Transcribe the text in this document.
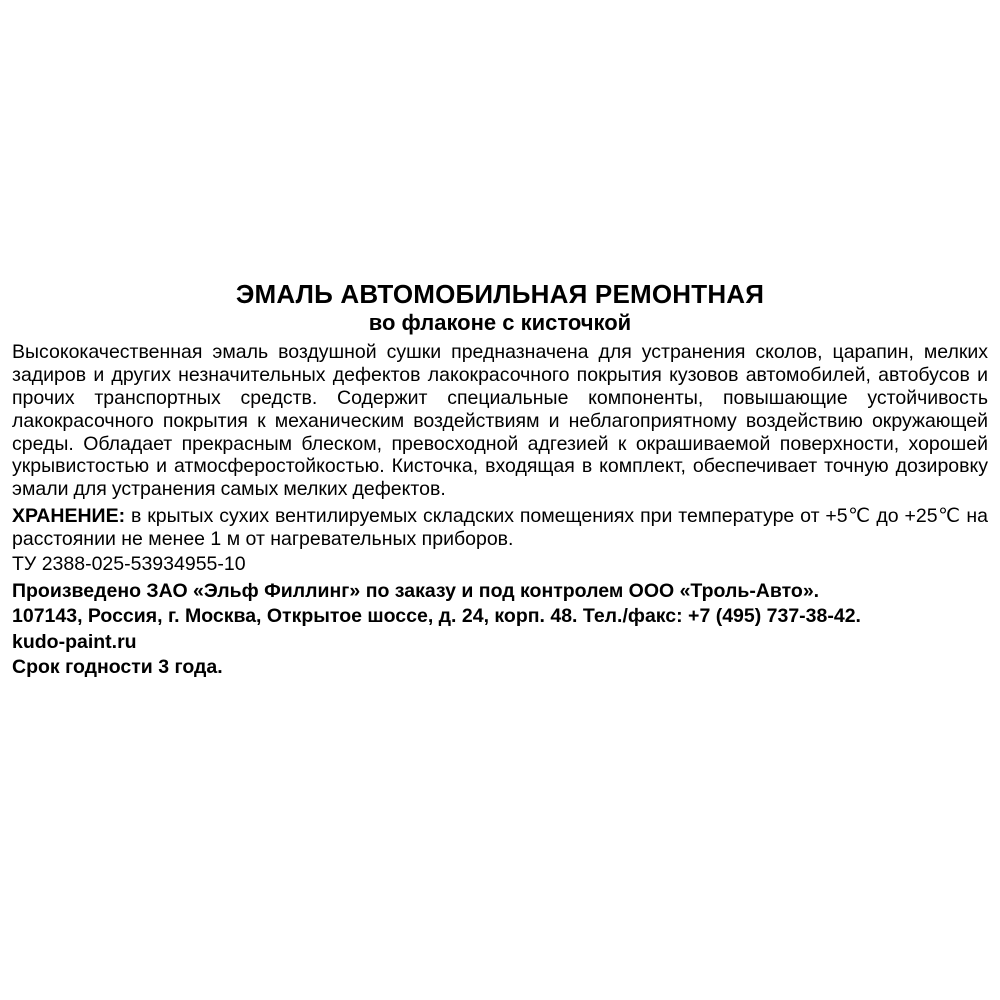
ЭМАЛЬ АВТОМОБИЛЬНАЯ РЕМОНТНАЯ
во флаконе с кисточкой

Высококачественная эмаль воздушной сушки предназначена для устранения сколов, царапин, мелких задиров и других незначительных дефектов лакокрасочного покрытия кузовов автомобилей, автобусов и прочих транспортных средств. Содержит специальные компоненты, повышающие устойчивость лакокрасочного покрытия к механическим воздействиям и неблагоприятному воздействию окружающей среды. Обладает прекрасным блеском, превосходной адгезией к окрашиваемой поверхности, хорошей укрывистостью и атмосферостойкостью. Кисточка, входящая в комплект, обеспечивает точную дозировку эмали для устранения самых мелких дефектов.

ХРАНЕНИЕ: в крытых сухих вентилируемых складских помещениях при температуре от +5℃ до +25℃ на расстоянии не менее 1 м от нагревательных приборов.

ТУ 2388-025-53934955-10

Произведено ЗАО «Эльф Филлинг» по заказу и под контролем ООО «Троль-Авто».

107143, Россия, г. Москва, Открытое шоссе, д. 24, корп. 48. Тел./факс: +7 (495) 737-38-42.

kudo-paint.ru

Срок годности 3 года.
